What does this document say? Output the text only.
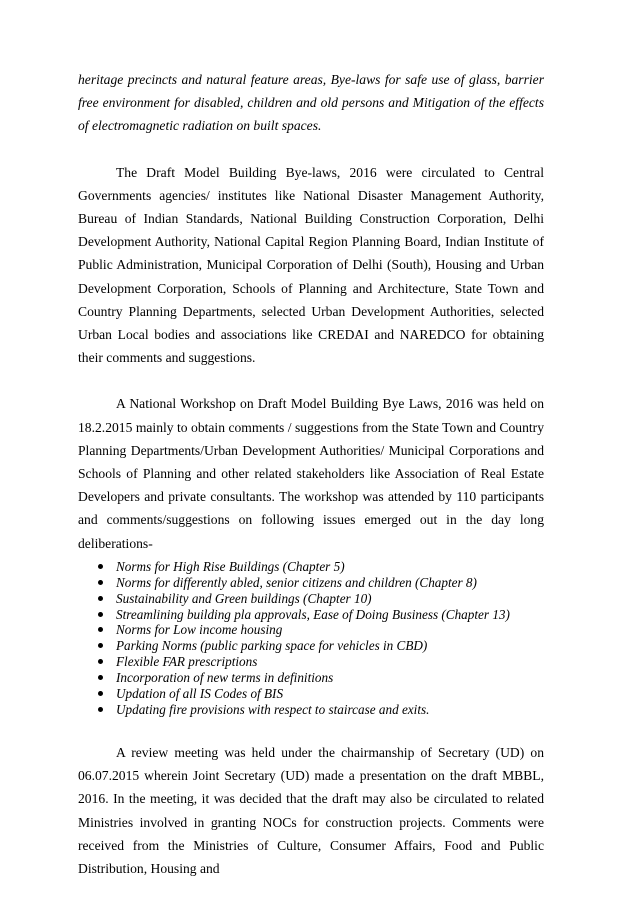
heritage precincts and natural feature areas, Bye-laws for safe use of glass, barrier free environment for disabled, children and old persons and Mitigation of the effects of electromagnetic radiation on built spaces.

The Draft Model Building Bye-laws, 2016 were circulated to Central Governments agencies/ institutes like National Disaster Management Authority, Bureau of Indian Standards, National Building Construction Corporation, Delhi Development Authority, National Capital Region Planning Board, Indian Institute of Public Administration, Municipal Corporation of Delhi (South), Housing and Urban Development Corporation, Schools of Planning and Architecture, State Town and Country Planning Departments, selected Urban Development Authorities, selected Urban Local bodies and associations like CREDAI and NAREDCO for obtaining their comments and suggestions.

A National Workshop on Draft Model Building Bye Laws, 2016 was held on 18.2.2015 mainly to obtain comments / suggestions from the State Town and Country Planning Departments/Urban Development Authorities/ Municipal Corporations and Schools of Planning and other related stakeholders like Association of Real Estate Developers and private consultants. The workshop was attended by 110 participants and comments/suggestions on following issues emerged out in the day long deliberations-

Norms for High Rise Buildings (Chapter 5)
Norms for differently abled, senior citizens and children (Chapter 8)
Sustainability and Green buildings (Chapter 10)
Streamlining building pla approvals, Ease of Doing Business (Chapter 13)
Norms for Low income housing
Parking Norms (public parking space for vehicles in CBD)
Flexible FAR prescriptions
Incorporation of new terms in definitions
Updation of all IS Codes of BIS
Updating fire provisions with respect to staircase and exits.

A review meeting was held under the chairmanship of Secretary (UD) on 06.07.2015 wherein Joint Secretary (UD) made a presentation on the draft MBBL, 2016. In the meeting, it was decided that the draft may also be circulated to related Ministries involved in granting NOCs for construction projects. Comments were received from the Ministries of Culture, Consumer Affairs, Food and Public Distribution, Housing and
